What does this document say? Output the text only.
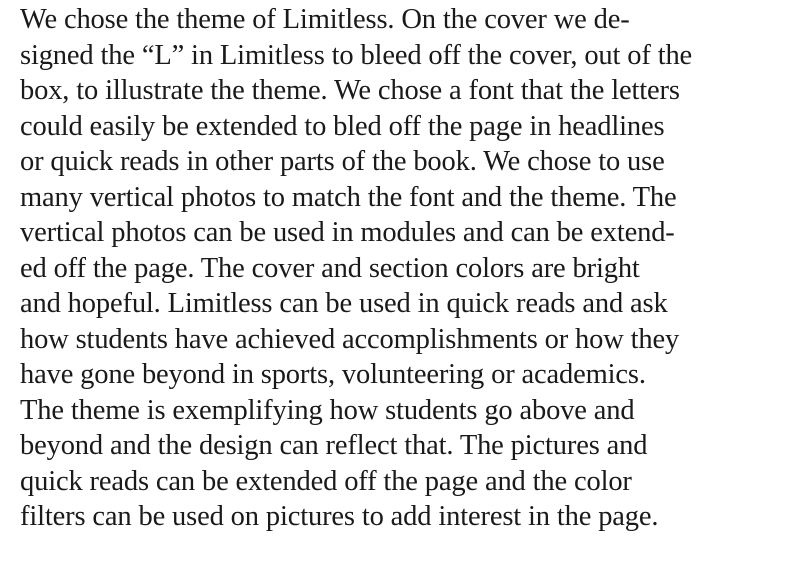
We chose the theme of Limitless. On the cover we de-
signed the “L” in Limitless to bleed off the cover, out of the
box, to illustrate the theme. We chose a font that the letters
could easily be extended to bled off the page in headlines
or quick reads in other parts of the book. We chose to use
many vertical photos to match the font and the theme. The
vertical photos can be used in modules and can be extend-
ed off the page. The cover and section colors are bright
and hopeful. Limitless can be used in quick reads and ask
how students have achieved accomplishments or how they
have gone beyond in sports, volunteering or academics.
The theme is exemplifying how students go above and
beyond and the design can reflect that. The pictures and
quick reads can be extended off the page and the color
filters can be used on pictures to add interest in the page.
